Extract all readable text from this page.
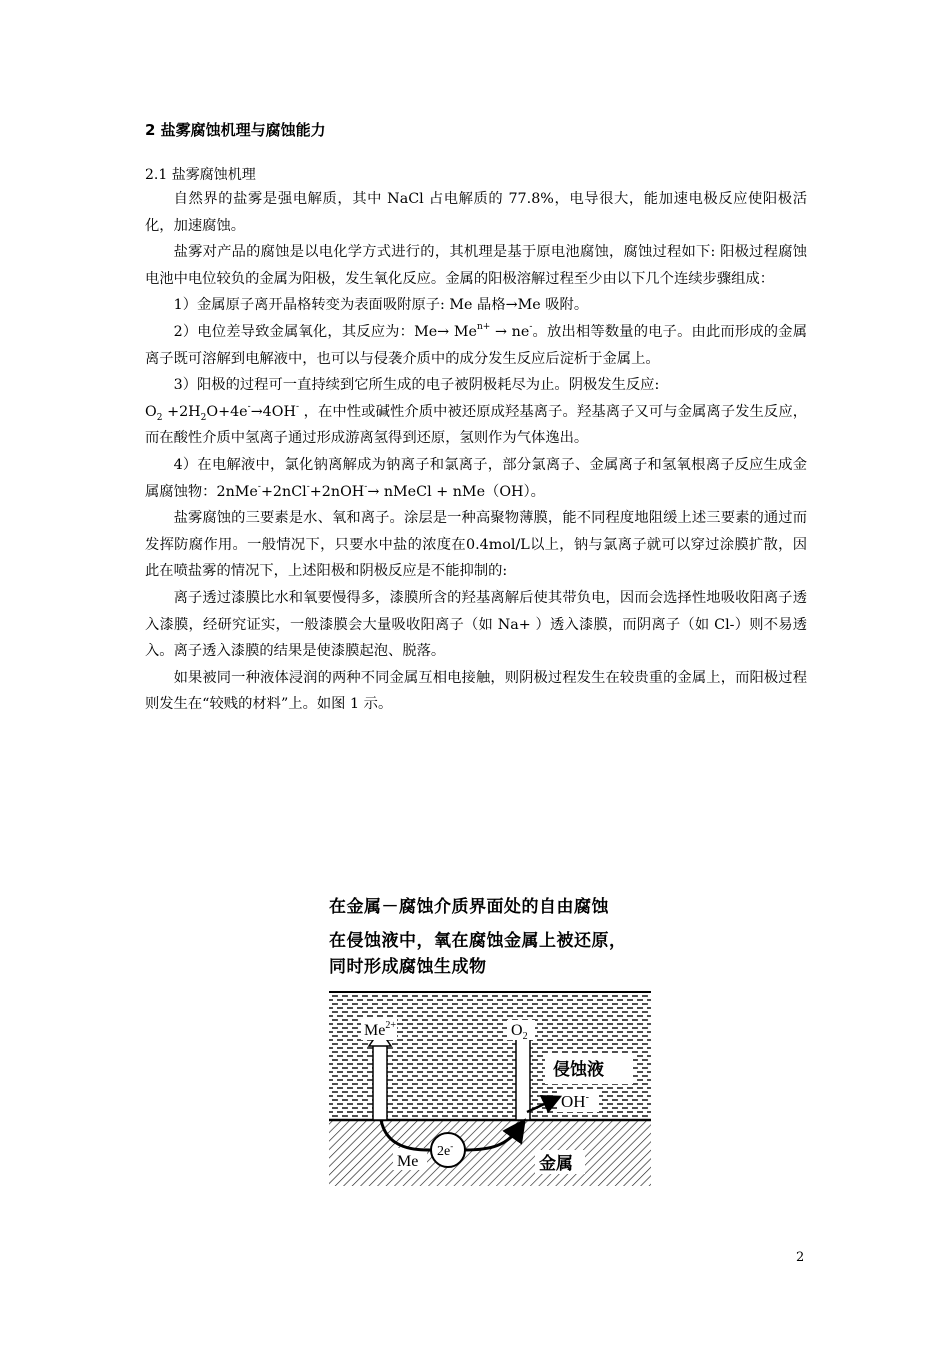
2 盐雾腐蚀机理与腐蚀能力
2.1 盐雾腐蚀机理

自然界的盐雾是强电解质，其中 NaCl 占电解质的 77.8%，电导很大，能加速电极反应使阳极活化，加速腐蚀。

盐雾对产品的腐蚀是以电化学方式进行的，其机理是基于原电池腐蚀，腐蚀过程如下: 阳极过程腐蚀电池中电位较负的金属为阳极，发生氧化反应。金属的阳极溶解过程至少由以下几个连续步骤组成：

1）金属原子离开晶格转变为表面吸附原子: Me 晶格→Me 吸附。

2）电位差导致金属氧化，其反应为：$Me\to Me^{n+} \to ne^-$。放出相等数量的电子。由此而形成的金属离子既可溶解到电解液中，也可以与侵袭介质中的成分发生反应后淀析于金属上。

3）阳极的过程可一直持续到它所生成的电子被阴极耗尽为止。阴极发生反应:

$O_2 +2H_2O+4e^-\to 4OH^-$ ，在中性或碱性介质中被还原成羟基离子。羟基离子又可与金属离子发生反应，而在酸性介质中氢离子通过形成游离氢得到还原，氢则作为气体逸出。

4）在电解液中，氯化钠离解成为钠离子和氯离子，部分氯离子、金属离子和氢氧根离子反应生成金属腐蚀物：2nMe-+2nCl-+2nOH-→ nMeCl + nMe（OH）。

盐雾腐蚀的三要素是水、氧和离子。涂层是一种高聚物薄膜，能不同程度地阻缓上述三要素的通过而发挥防腐作用。一般情况下，只要水中盐的浓度在0.4mol/L以上，钠与氯离子就可以穿过涂膜扩散，因此在喷盐雾的情况下，上述阳极和阴极反应是不能抑制的:

离子透过漆膜比水和氧要慢得多，漆膜所含的羟基离解后使其带负电，因而会选择性地吸收阳离子透入漆膜，经研究证实，一般漆膜会大量吸收阳离子（如 Na+ ）透入漆膜，而阴离子（如 Cl-）则不易透入。离子透入漆膜的结果是使漆膜起泡、脱落。

如果被同一种液体浸润的两种不同金属互相电接触，则阴极过程发生在较贵重的金属上，而阳极过程则发生在“较贱的材料”上。如图 1 示。

在金属－腐蚀介质界面处的自由腐蚀
在侵蚀液中，氧在腐蚀金属上被还原，
同时形成腐蚀生成物
$Me^{2+}$	$O_2$
侵蚀液
OH-
2e-
Me	金属
2
